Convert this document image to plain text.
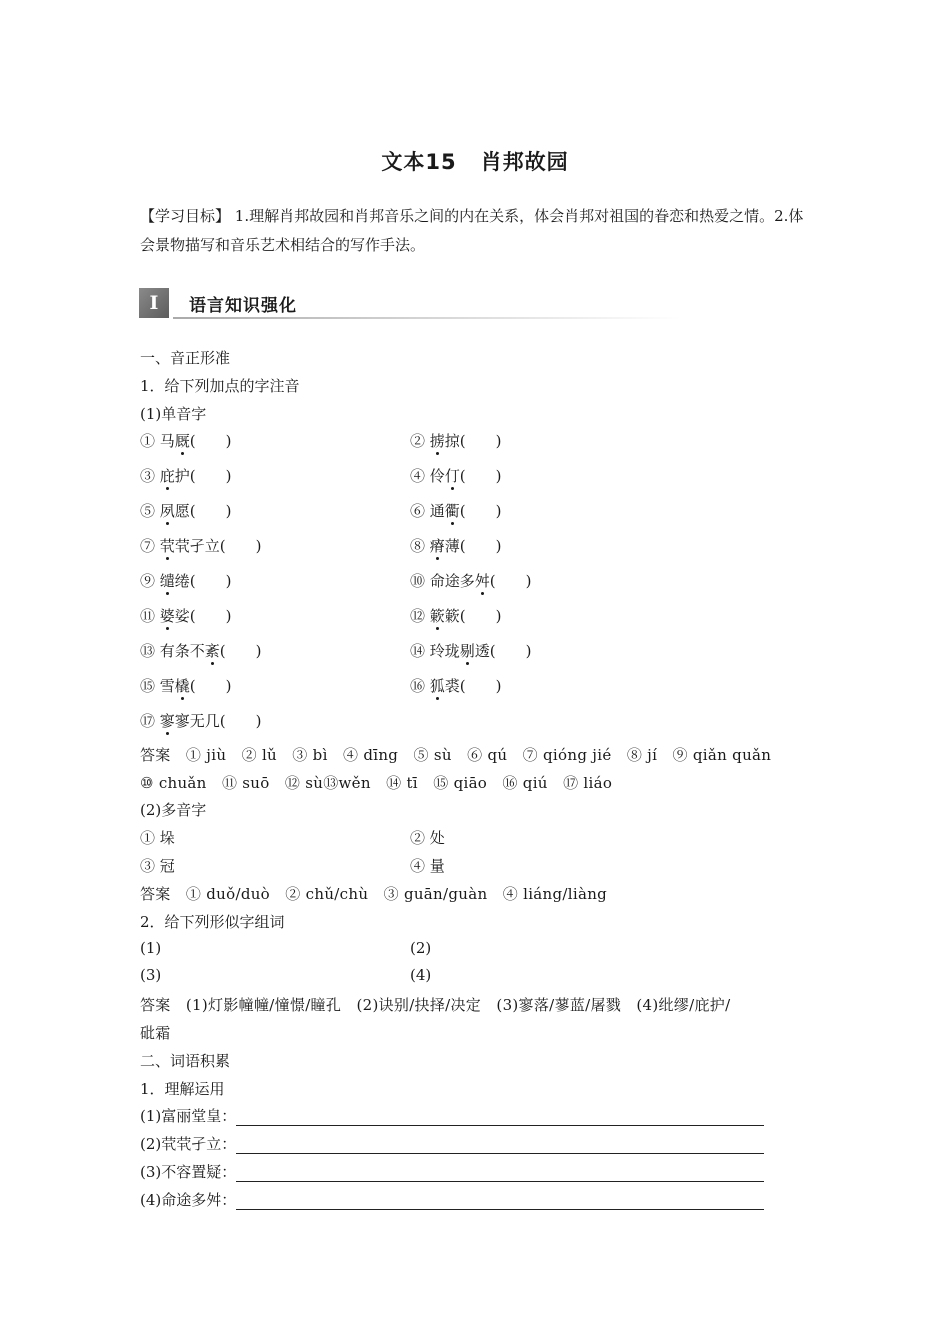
文本15 肖邦故园
【学习目标】 1.理解肖邦故园和肖邦音乐之间的内在关系，体会肖邦对祖国的眷恋和热爱之情。2.体会景物描写和音乐艺术相结合的写作手法。
I	语言知识强化
一、音正形准
1．给下列加点的字注音
(1)单音字
① 马厩(　　)	② 掳掠(　　)
③ 庇护(　　)	④ 伶仃(　　)
⑤ 夙愿(　　)	⑥ 通衢(　　)
⑦ 茕茕孑立(　　)	⑧ 瘠薄(　　)
⑨ 缱绻(　　)	⑩ 命途多舛(　　)
⑪ 婆娑(　　)	⑫ 簌簌(　　)
⑬ 有条不紊(　　)	⑭ 玲珑剔透(　　)
⑮ 雪橇(　　)	⑯ 狐裘(　　)
⑰ 寥寥无几(　　)
答案　① jiù　② lǔ　③ bì　④ dīng　⑤ sù　⑥ qú　⑦ qióng jié　⑧ jí　⑨ qiǎn quǎn
⑩ chuǎn　⑪ suō　⑫ sù⑬wěn　⑭ tī　⑮ qiāo　⑯ qiú　⑰ liáo
(2)多音字
① 垛	② 处
③ 冠	④ 量
答案　① duǒ/duò　② chǔ/chù　③ guān/guàn　④ liáng/liàng
2．给下列形似字组词
(1)	(2)
(3)	(4)
答案　(1)灯影幢幢/憧憬/瞳孔　(2)诀别/抉择/决定　(3)寥落/蓼蓝/屠戮　(4)纰缪/庇护/
砒霜
二、词语积累
1．理解运用
(1)富丽堂皇：
(2)茕茕孑立：
(3)不容置疑：
(4)命途多舛：
